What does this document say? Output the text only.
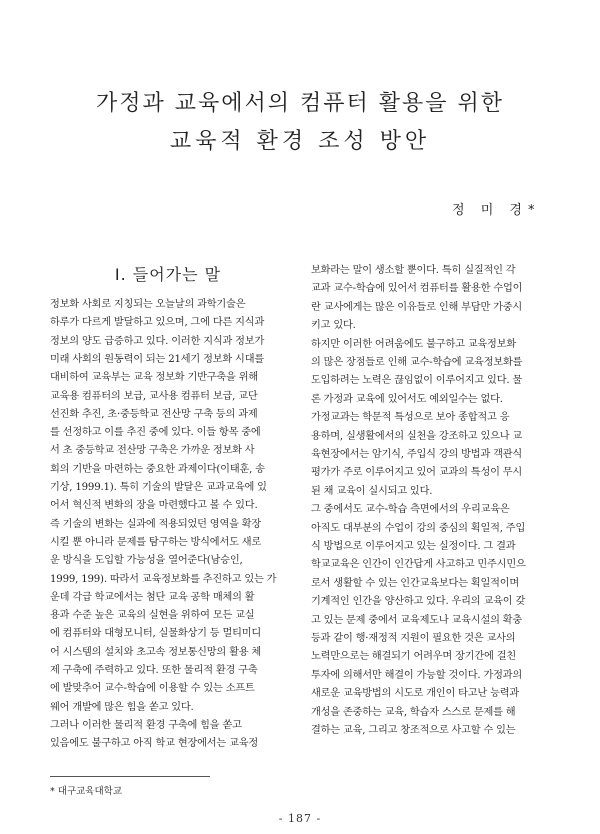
가정과 교육에서의 컴퓨터 활용을 위한
교육적 환경 조성 방안
정 미 경*
Ⅰ. 들어가는 말
정보화 사회로 지칭되는 오늘날의 과학기술은
하루가 다르게 발달하고 있으며, 그에 다른 지식과
정보의 양도 급증하고 있다. 이러한 지식과 정보가
미래 사회의 원동력이 되는 21세기 정보화 시대를
대비하여 교육부는 교육 정보화 기반구축을 위해
교육용 컴퓨터의 보급, 교사용 컴퓨터 보급, 교단
선진화 추진, 초·중등학교 전산망 구축 등의 과제
를 선정하고 이를 추진 중에 있다. 이들 항목 중에
서 초 중등학교 전산망 구축은 가까운 정보화 사
회의 기반을 마련하는 중요한 과제이다(이태훈, 송
기상, 1999.1). 특히 기술의 발달은 교과교육에 있
어서 혁신적 변화의 장을 마련했다고 볼 수 있다.
즉 기술의 변화는 실과에 적용되었던 영역을 확장
시킬 뿐 아니라 문제를 탐구하는 방식에서도 새로
운 방식을 도입할 가능성을 열어준다(남승인,
1999, 199). 따라서 교육정보화를 추진하고 있는 가
운데 각급 학교에서는 첨단 교육 공학 매체의 활
용과 수준 높은 교육의 실현을 위하여 모든 교실
에 컴퓨터와 대형모니터, 실물화상기 등 멀티미디
어 시스템의 설치와 초고속 정보통신망의 활용 체
제 구축에 주력하고 있다. 또한 물리적 환경 구축
에 발맞추어 교수-학습에 이용할 수 있는 소프트
웨어 개발에 많은 힘을 쏟고 있다.
그러나 이러한 물리적 환경 구축에 힘을 쏟고
있음에도 불구하고 아직 학교 현장에서는 교육정
보화라는 말이 생소할 뿐이다. 특히 실질적인 각
교과 교수-학습에 있어서 컴퓨터를 활용한 수업이
란 교사에게는 많은 이유들로 인해 부담만 가중시
키고 있다.
하지만 이러한 어려움에도 불구하고 교육정보화
의 많은 장점들로 인해 교수-학습에 교육정보화를
도입하려는 노력은 끊임없이 이루어지고 있다. 물
론 가정과 교육에 있어서도 예외일수는 없다.
가정교과는 학문적 특성으로 보아 종합적고 응
용하며, 실생활에서의 실천을 강조하고 있으나 교
육현장에서는 암기식, 주입식 강의 방법과 객관식
평가가 주로 이루어지고 있어 교과의 특성이 무시
된 채 교육이 실시되고 있다.
그 중에서도 교수-학습 측면에서의 우리교육은
아직도 대부분의 수업이 강의 중심의 획일적, 주입
식 방법으로 이루어지고 있는 실정이다. 그 결과
학교교육은 인간이 인간답게 사고하고 민주시민으
로서 생활할 수 있는 인간교육보다는 획일적이며
기계적인 인간을 양산하고 있다. 우리의 교육이 갖
고 있는 문제 중에서 교육제도나 교육시설의 확충
등과 같이 행·재정적 지원이 필요한 것은 교사의
노력만으로는 해결되기 어려우며 장기간에 걸친
투자에 의해서만 해결이 가능할 것이다. 가정과의
새로운 교육방법의 시도로 개인이 타고난 능력과
개성을 존중하는 교육, 학습자 스스로 문제를 해
결하는 교육, 그리고 창조적으로 사고할 수 있는
* 대구교육대학교
- 187 -
